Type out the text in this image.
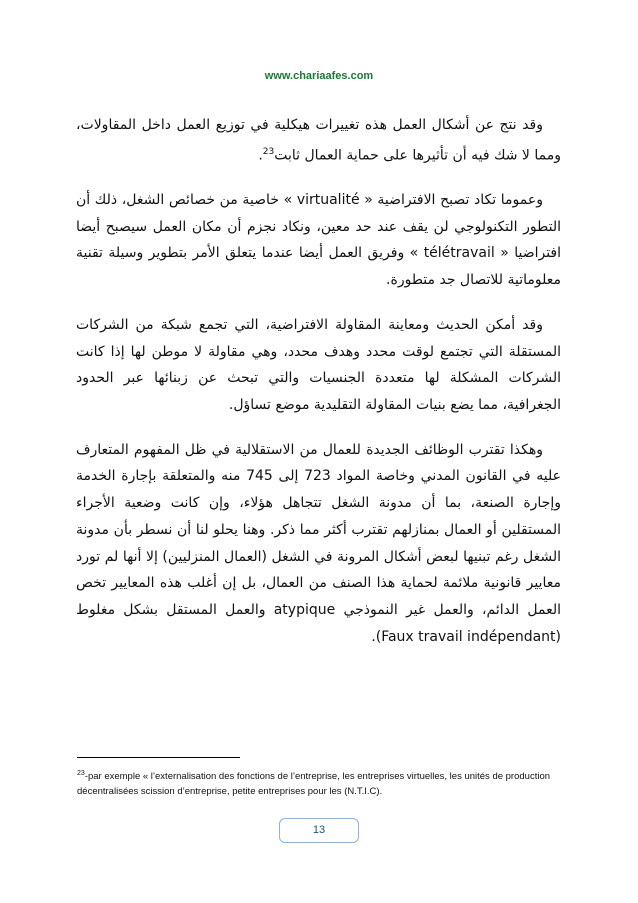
www.chariaafes.com

وقد نتج عن أشكال العمل هذه تغييرات هيكلية في توزيع العمل داخل المقاولات، ومما لا شك فيه أن تأثيرها على حماية العمال ثابت$^{23}$.

وعموما تكاد تصبح الافتراضية « virtualité » خاصية من خصائص الشغل، ذلك أن التطور التكنولوجي لن يقف عند حد معين، ونكاد نجزم أن مكان العمل سيصبح أيضا افتراضيا « télétravail » وفريق العمل أيضا عندما يتعلق الأمر بتطوير وسيلة تقنية معلوماتية للاتصال جد متطورة.

وقد أمكن الحديث ومعاينة المقاولة الافتراضية، التي تجمع شبكة من الشركات المستقلة التي تجتمع لوقت محدد وهدف محدد، وهي مقاولة لا موطن لها إذا كانت الشركات المشكلة لها متعددة الجنسيات والتي تبحث عن زبنائها عبر الحدود الجغرافية، مما يضع بنيات المقاولة التقليدية موضع تساؤل.

وهكذا تقترب الوظائف الجديدة للعمال من الاستقلالية في ظل المفهوم المتعارف عليه في القانون المدني وخاصة المواد 723 إلى 745 منه والمتعلقة بإجارة الخدمة وإجارة الصنعة، بما أن مدونة الشغل تتجاهل هؤلاء، وإن كانت وضعية الأجراء المستقلين أو العمال بمنازلهم تقترب أكثر مما ذكر. وهنا يحلو لنا أن نسطر بأن مدونة الشغل رغم تبنيها لبعض أشكال المرونة في الشغل (العمال المنزليين) إلا أنها لم تورد معايير قانونية ملائمة لحماية هذا الصنف من العمال، بل إن أغلب هذه المعايير تخص العمل الدائم، والعمل غير النموذجي atypique والعمل المستقل بشكل مغلوط (Faux travail indépendant).

$^{23}$-par exemple « l’externalisation des fonctions de l’entreprise, les entreprises virtuelles, les unités de production décentralisées scission d’entreprise, petite entreprises pour les (N.T.I.C).
13
